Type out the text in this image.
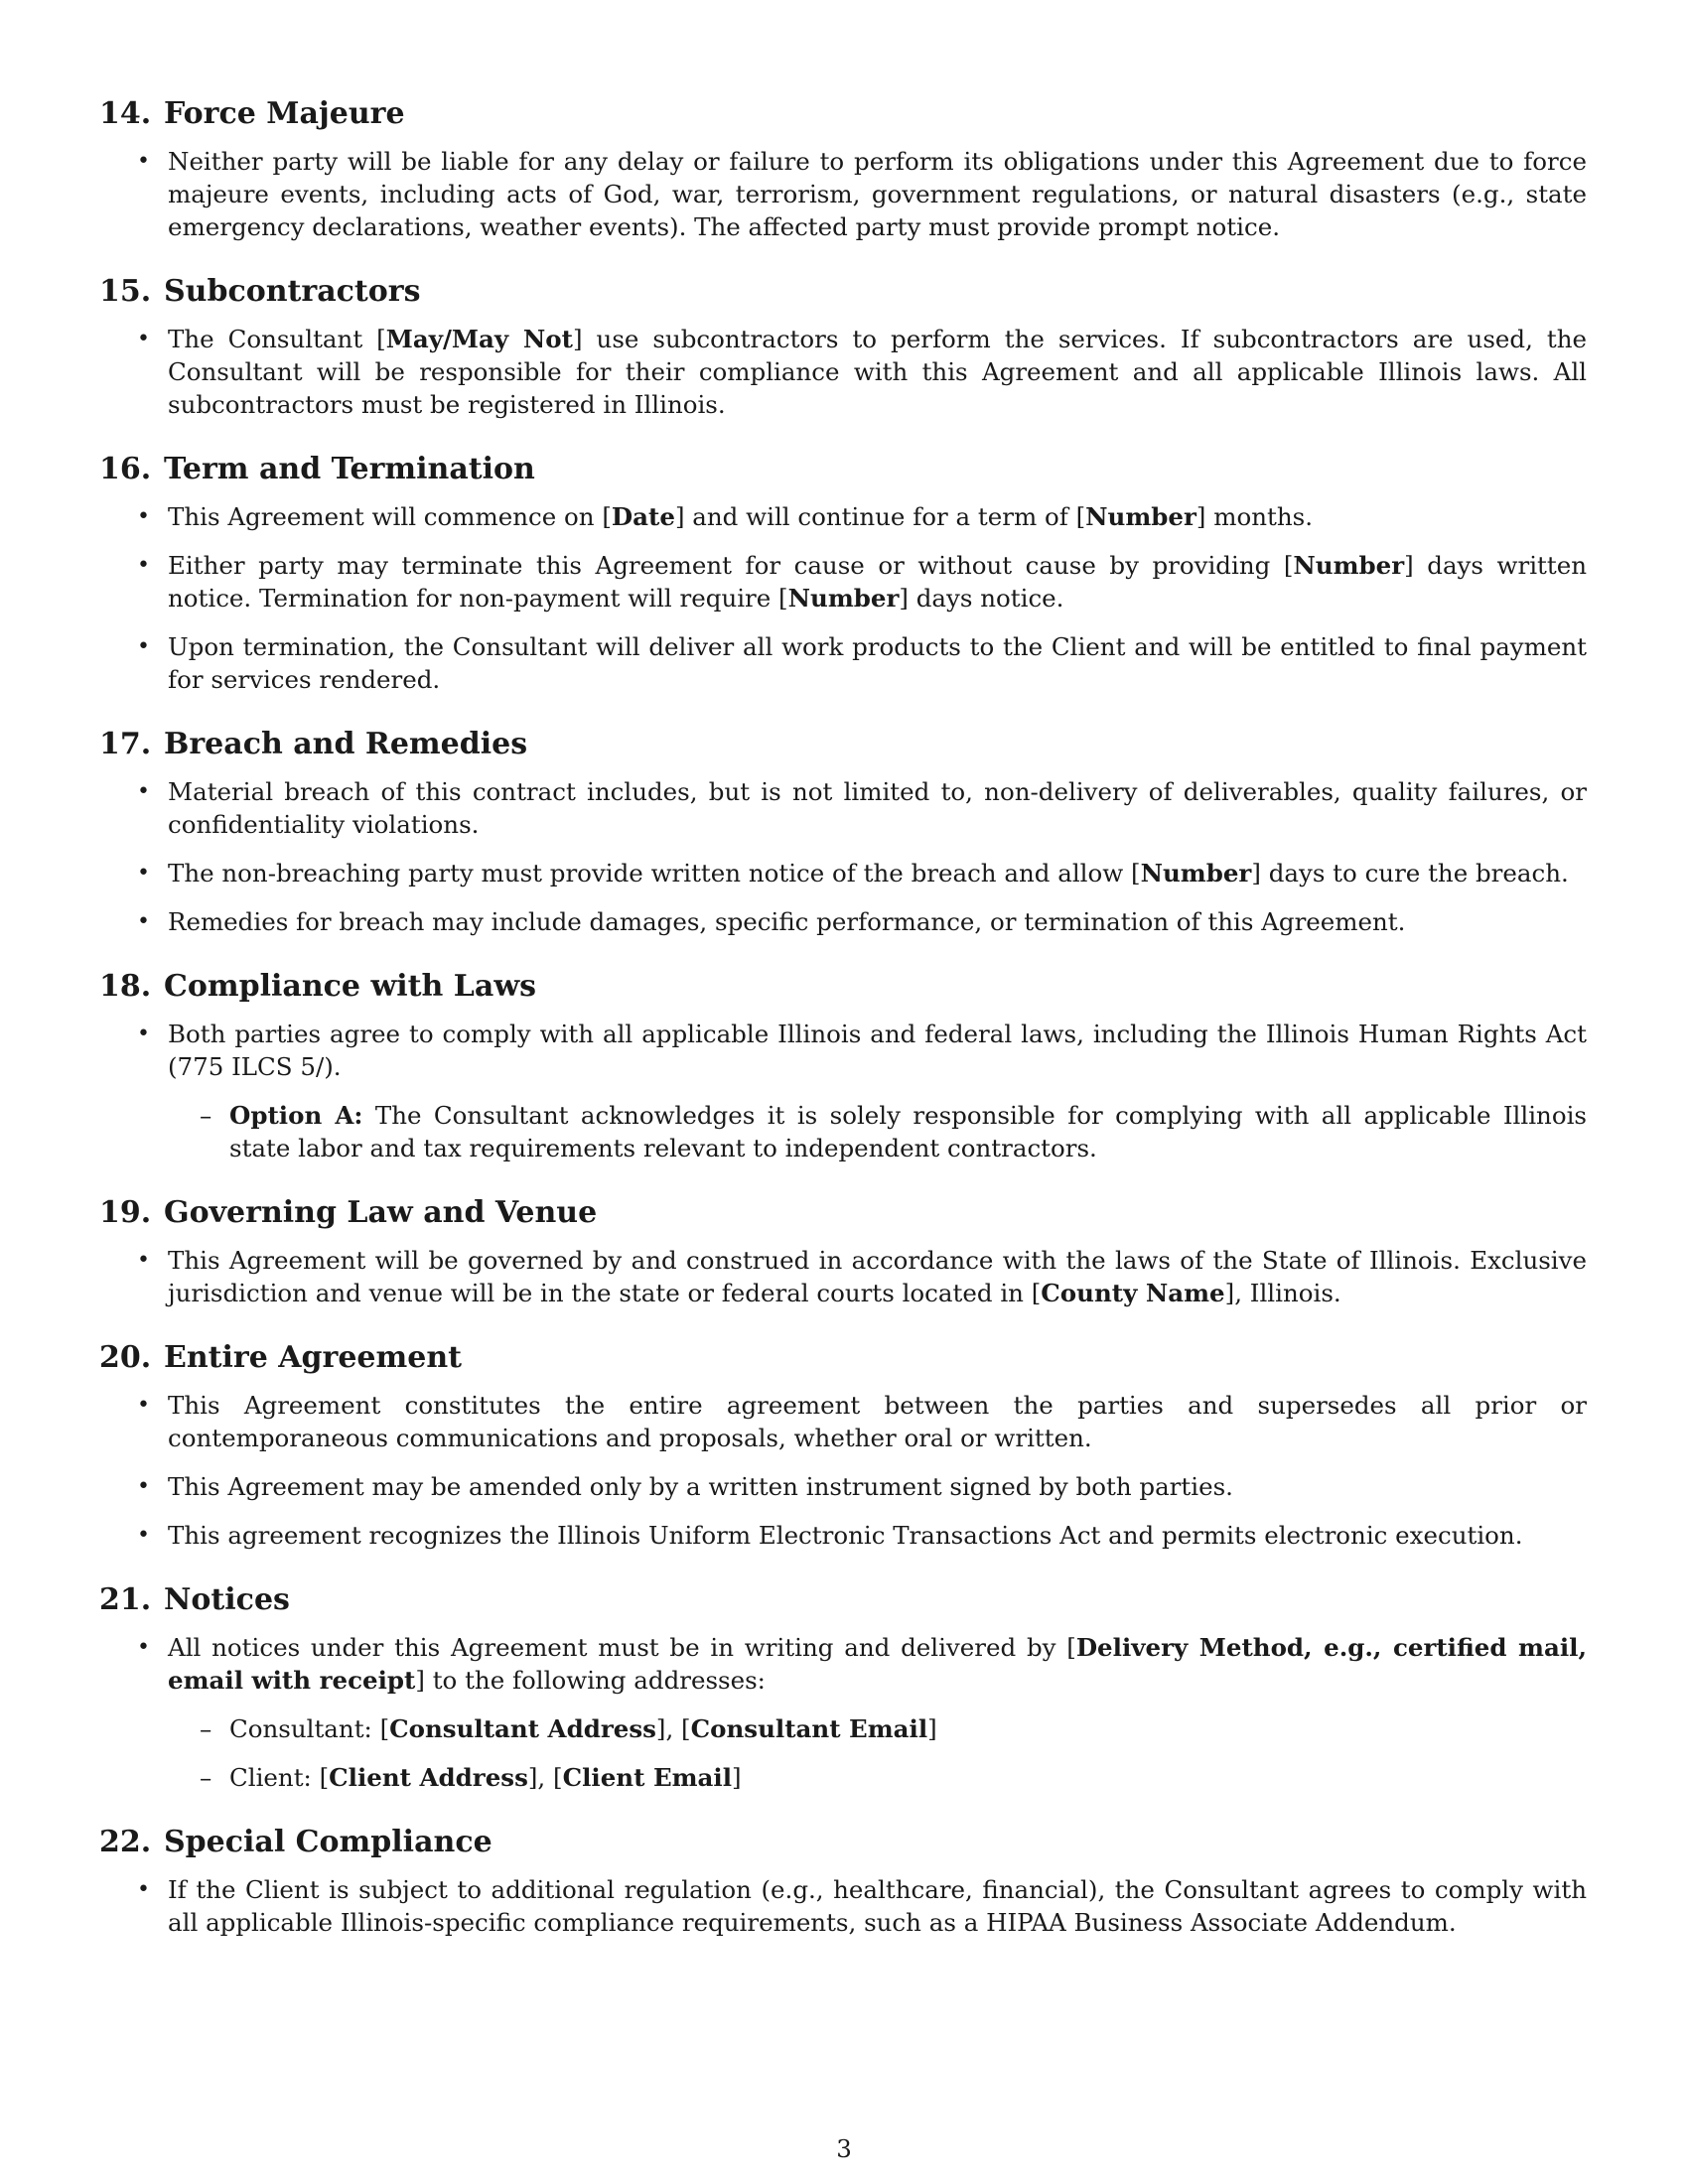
14. Force Majeure
• Neither party will be liable for any delay or failure to perform its obligations under this Agreement due to force majeure events, including acts of God, war, terrorism, government regulations, or natural disasters (e.g., state emergency declarations, weather events). The affected party must provide prompt notice.
15. Subcontractors
• The Consultant [May/May Not] use subcontractors to perform the services. If subcontractors are used, the Consultant will be responsible for their compliance with this Agreement and all applicable Illinois laws. All subcontractors must be registered in Illinois.
16. Term and Termination
• This Agreement will commence on [Date] and will continue for a term of [Number] months.
• Either party may terminate this Agreement for cause or without cause by providing [Number] days written notice. Termination for non-payment will require [Number] days notice.
• Upon termination, the Consultant will deliver all work products to the Client and will be entitled to final payment for services rendered.
17. Breach and Remedies
• Material breach of this contract includes, but is not limited to, non-delivery of deliverables, quality failures, or confidentiality violations.
• The non-breaching party must provide written notice of the breach and allow [Number] days to cure the breach.
• Remedies for breach may include damages, specific performance, or termination of this Agreement.
18. Compliance with Laws
• Both parties agree to comply with all applicable Illinois and federal laws, including the Illinois Human Rights Act (775 ILCS 5/).
– Option A: The Consultant acknowledges it is solely responsible for complying with all applicable Illinois state labor and tax requirements relevant to independent contractors.
19. Governing Law and Venue
• This Agreement will be governed by and construed in accordance with the laws of the State of Illinois. Exclusive jurisdiction and venue will be in the state or federal courts located in [County Name], Illinois.
20. Entire Agreement
• This Agreement constitutes the entire agreement between the parties and supersedes all prior or contemporaneous communications and proposals, whether oral or written.
• This Agreement may be amended only by a written instrument signed by both parties.
• This agreement recognizes the Illinois Uniform Electronic Transactions Act and permits electronic execution.
21. Notices
• All notices under this Agreement must be in writing and delivered by [Delivery Method, e.g., certified mail, email with receipt] to the following addresses:
– Consultant: [Consultant Address], [Consultant Email]
– Client: [Client Address], [Client Email]
22. Special Compliance
• If the Client is subject to additional regulation (e.g., healthcare, financial), the Consultant agrees to comply with all applicable Illinois-specific compliance requirements, such as a HIPAA Business Associate Addendum.
3
